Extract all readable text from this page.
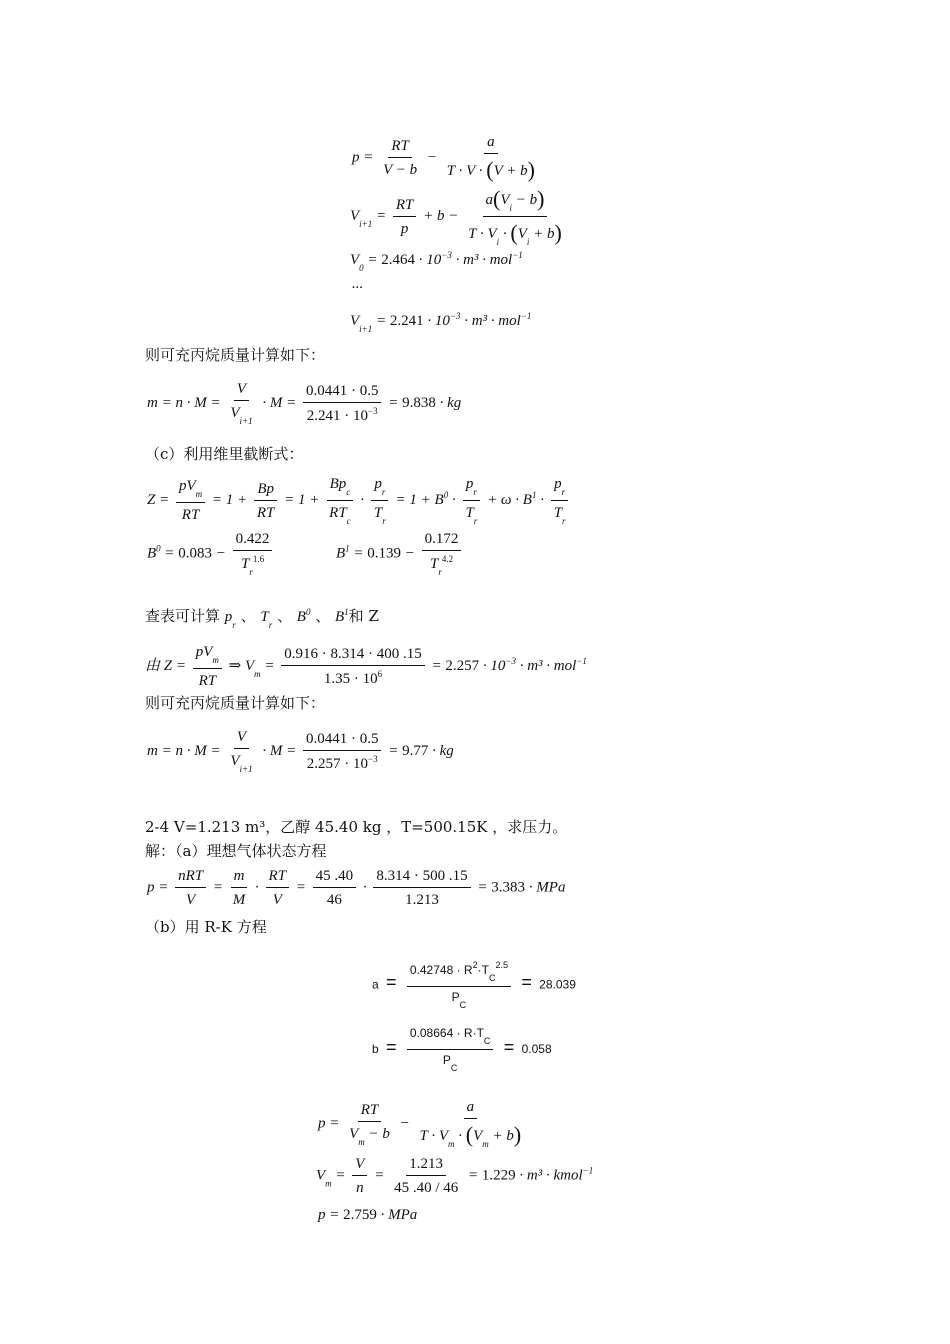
$p = \frac{RT}{V - b} - \frac{a}{T \cdot V \cdot (V + b)}$
$V_{i+1} = \frac{RT}{p} + b - \frac{a(V_i - b)}{T \cdot V_i \cdot (V_i + b)}$
$V_0 = 2.464 \cdot 10^{-3} \cdot m^3 \cdot mol^{-1}$
...
$V_{i+1} = 2.241 \cdot 10^{-3} \cdot m^3 \cdot mol^{-1}$
则可充丙烷质量计算如下：
$m = n \cdot M = \frac{V}{V_{i+1}} \cdot M = \frac{0.0441 \cdot 0.5}{2.241 \cdot 10^{-3}} = 9.838$ · kg
（c）利用维里截断式：
$Z = \frac{pV_m}{RT} = 1 + \frac{Bp}{RT} = 1 + \frac{Bp_c}{RT_c} \cdot \frac{p_r}{T_r} = 1 + B^0 \cdot \frac{p_r}{T_r} + \omega \cdot B^1 \cdot \frac{p_r}{T_r}$
$B^0 = 0.083 - \frac{0.422}{T_r^{1.6}}$	$B^1 = 0.139 - \frac{0.172}{T_r^{4.2}}$
查表可计算 $p_r$ 、 $T_r$ 、 $B^0$ 、 $B^1$和 Z
由 $Z = \frac{pV_m}{RT}$ ⇒ $V_m = \frac{0.916 \cdot 8.314 \cdot 400 .15}{1.35 \cdot 10^6} = 2.257 \cdot 10^{-3} \cdot m^3 \cdot mol^{-1}$
则可充丙烷质量计算如下：
$m = n \cdot M = \frac{V}{V_{i+1}} \cdot M = \frac{0.0441 \cdot 0.5}{2.257 \cdot 10^{-3}} = 9.77$ · kg
2-4 V=1.213 m³，乙醇 45.40 kg ，T=500.15K ，求压力。
解：（a）理想气体状态方程
$p = \frac{\text{nRT}}{V} = \frac{m}{M} \cdot \frac{RT}{V} = \frac{45 .40}{46} \cdot \frac{8.314 \cdot 500 .15}{1.213} = 3.383$ · MPa
（b）用 R-K 方程
$a = \frac{0.42748 \cdot R^2\cdot T_C^{2.5}}{P_C} = 28.039$
$b = \frac{0.08664 \cdot R\cdot T_C}{P_C} = 0.058$
$p = \frac{RT}{V_m - b} - \frac{a}{T \cdot V_m \cdot (V_m + b)}$
$V_m = \frac{V}{n} = \frac{1.213}{45 .40 / 46} = 1.229 \cdot m^3$ · kmol$^{-1}$
p = 2.759 · MPa
